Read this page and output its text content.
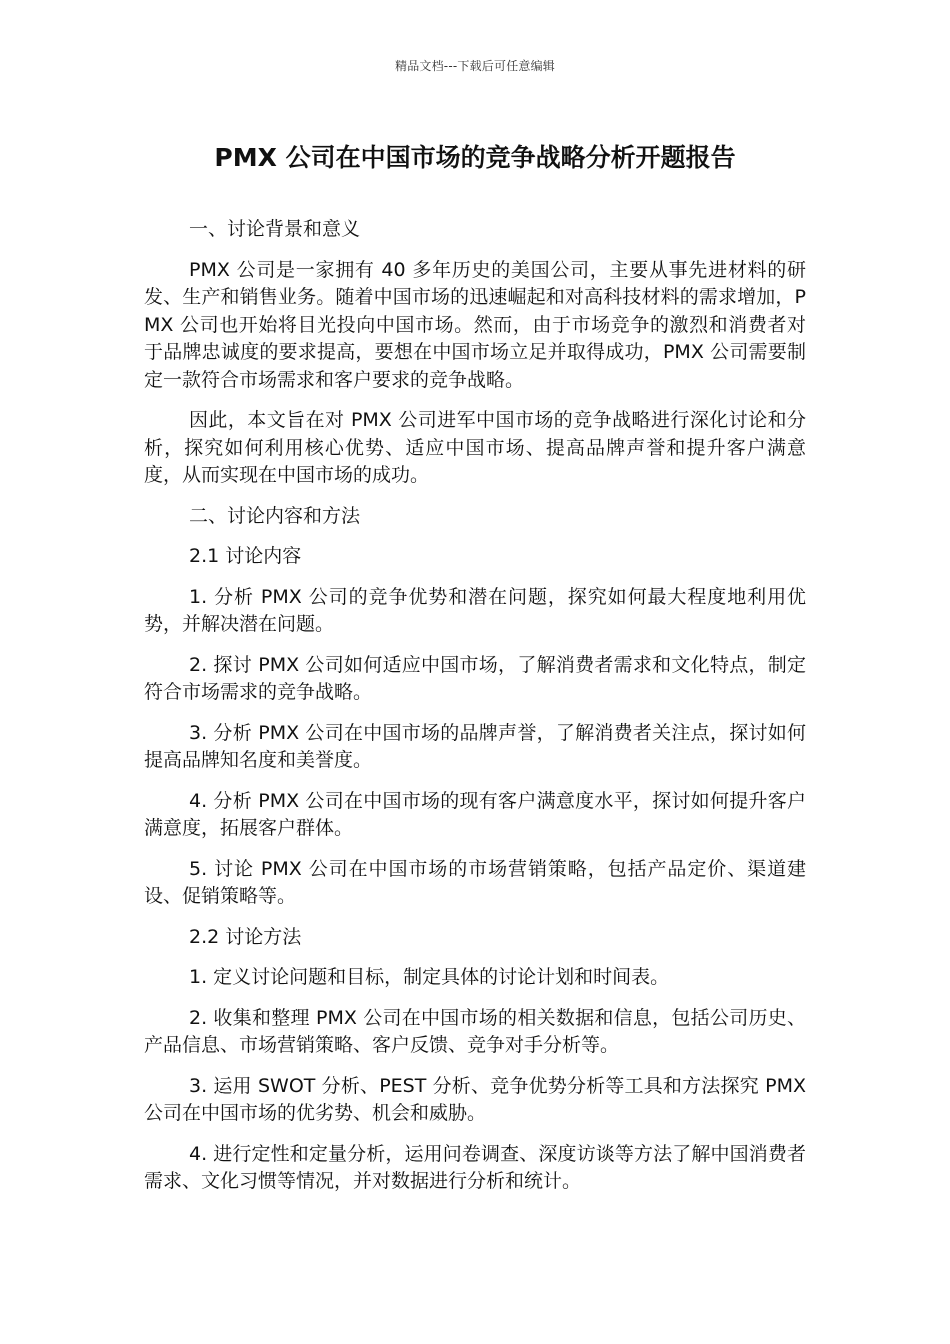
精品文档---下载后可任意编辑
PMX 公司在中国市场的竞争战略分析开题报告

一、讨论背景和意义

PMX 公司是一家拥有 40 多年历史的美国公司，主要从事先进材料的研发、生产和销售业务。随着中国市场的迅速崛起和对高科技材料的需求增加，PMX 公司也开始将目光投向中国市场。然而，由于市场竞争的激烈和消费者对于品牌忠诚度的要求提高，要想在中国市场立足并取得成功，PMX 公司需要制定一款符合市场需求和客户要求的竞争战略。

因此，本文旨在对 PMX 公司进军中国市场的竞争战略进行深化讨论和分析，探究如何利用核心优势、适应中国市场、提高品牌声誉和提升客户满意度，从而实现在中国市场的成功。

二、讨论内容和方法

2.1 讨论内容

1. 分析 PMX 公司的竞争优势和潜在问题，探究如何最大程度地利用优势，并解决潜在问题。

2. 探讨 PMX 公司如何适应中国市场，了解消费者需求和文化特点，制定符合市场需求的竞争战略。

3. 分析 PMX 公司在中国市场的品牌声誉，了解消费者关注点，探讨如何提高品牌知名度和美誉度。

4. 分析 PMX 公司在中国市场的现有客户满意度水平，探讨如何提升客户满意度，拓展客户群体。

5. 讨论 PMX 公司在中国市场的市场营销策略，包括产品定价、渠道建设、促销策略等。

2.2 讨论方法

1. 定义讨论问题和目标，制定具体的讨论计划和时间表。

2. 收集和整理 PMX 公司在中国市场的相关数据和信息，包括公司历史、产品信息、市场营销策略、客户反馈、竞争对手分析等。

3. 运用 SWOT 分析、PEST 分析、竞争优势分析等工具和方法探究 PMX 公司在中国市场的优劣势、机会和威胁。

4. 进行定性和定量分析，运用问卷调查、深度访谈等方法了解中国消费者需求、文化习惯等情况，并对数据进行分析和统计。
